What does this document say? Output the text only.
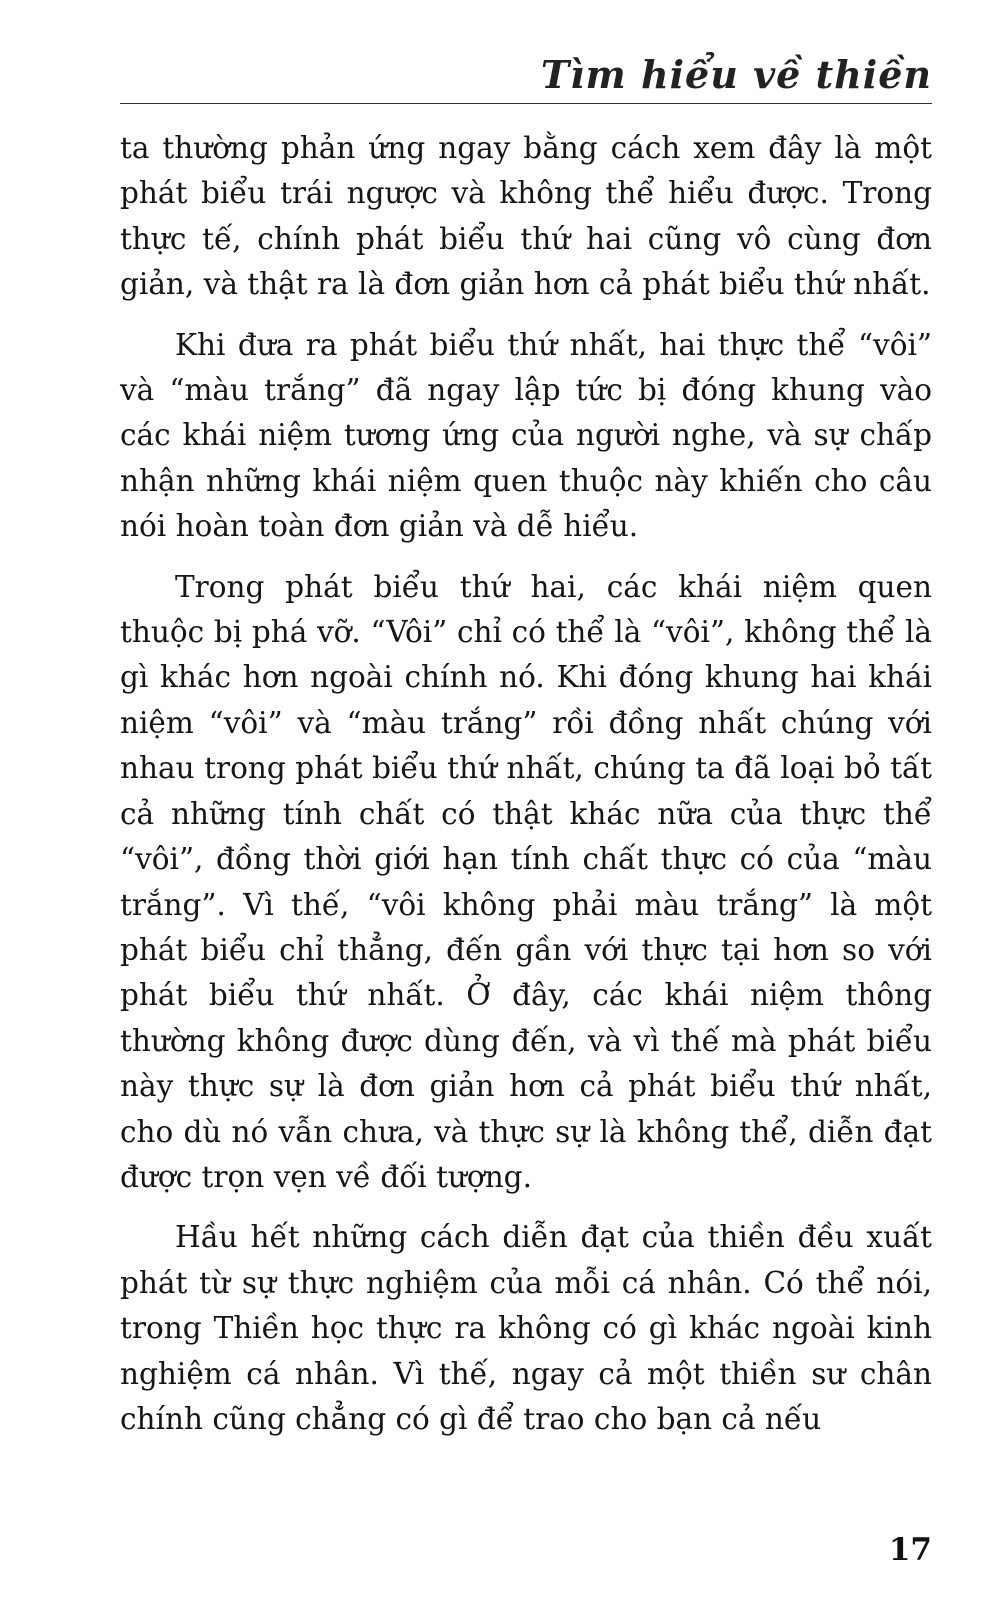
Tìm hiểu về thiền

ta thường phản ứng ngay bằng cách xem đây là một phát biểu trái ngược và không thể hiểu được. Trong thực tế, chính phát biểu thứ hai cũng vô cùng đơn giản, và thật ra là đơn giản hơn cả phát biểu thứ nhất.

Khi đưa ra phát biểu thứ nhất, hai thực thể “vôi” và “màu trắng” đã ngay lập tức bị đóng khung vào các khái niệm tương ứng của người nghe, và sự chấp nhận những khái niệm quen thuộc này khiến cho câu nói hoàn toàn đơn giản và dễ hiểu.

Trong phát biểu thứ hai, các khái niệm quen thuộc bị phá vỡ. “Vôi” chỉ có thể là “vôi”, không thể là gì khác hơn ngoài chính nó. Khi đóng khung hai khái niệm “vôi” và “màu trắng” rồi đồng nhất chúng với nhau trong phát biểu thứ nhất, chúng ta đã loại bỏ tất cả những tính chất có thật khác nữa của thực thể “vôi”, đồng thời giới hạn tính chất thực có của “màu trắng”. Vì thế, “vôi không phải màu trắng” là một phát biểu chỉ thẳng, đến gần với thực tại hơn so với phát biểu thứ nhất. Ở đây, các khái niệm thông thường không được dùng đến, và vì thế mà phát biểu này thực sự là đơn giản hơn cả phát biểu thứ nhất, cho dù nó vẫn chưa, và thực sự là không thể, diễn đạt được trọn vẹn về đối tượng.

Hầu hết những cách diễn đạt của thiền đều xuất phát từ sự thực nghiệm của mỗi cá nhân. Có thể nói, trong Thiền học thực ra không có gì khác ngoài kinh nghiệm cá nhân. Vì thế, ngay cả một thiền sư chân chính cũng chẳng có gì để trao cho bạn cả nếu

17
